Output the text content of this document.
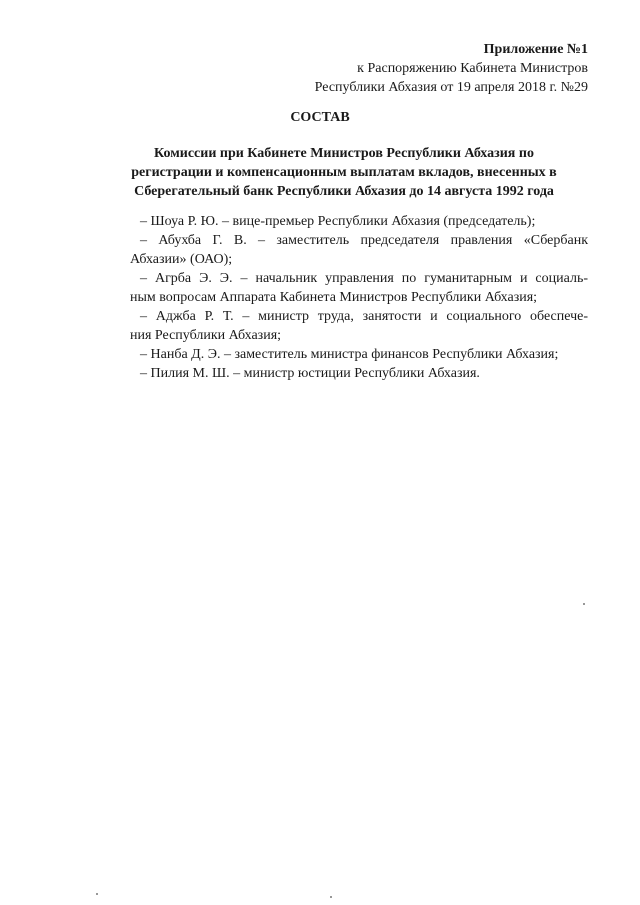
Приложение №1
к Распоряжению Кабинета Министров
Республики Абхазия от 19 апреля 2018 г. №29
СОСТАВ
Комиссии при Кабинете Министров Республики Абхазия по
регистрации и компенсационным выплатам вкладов, внесенных в
Сберегательный банк Республики Абхазия до 14 августа 1992 года

– Шоуа Р. Ю. – вице-премьер Республики Абхазия (председатель);

– Абухба Г. В. – заместитель председателя правления «Сбербанк

Абхазии» (ОАО);

– Агрба Э. Э. – начальник управления по гуманитарным и социаль-

ным вопросам Аппарата Кабинета Министров Республики Абхазия;

– Аджба Р. Т. – министр труда, занятости и социального обеспече-

ния Республики Абхазия;

– Нанба Д. Э. – заместитель министра финансов Республики Абхазия;

– Пилия М. Ш. – министр юстиции Республики Абхазия.
